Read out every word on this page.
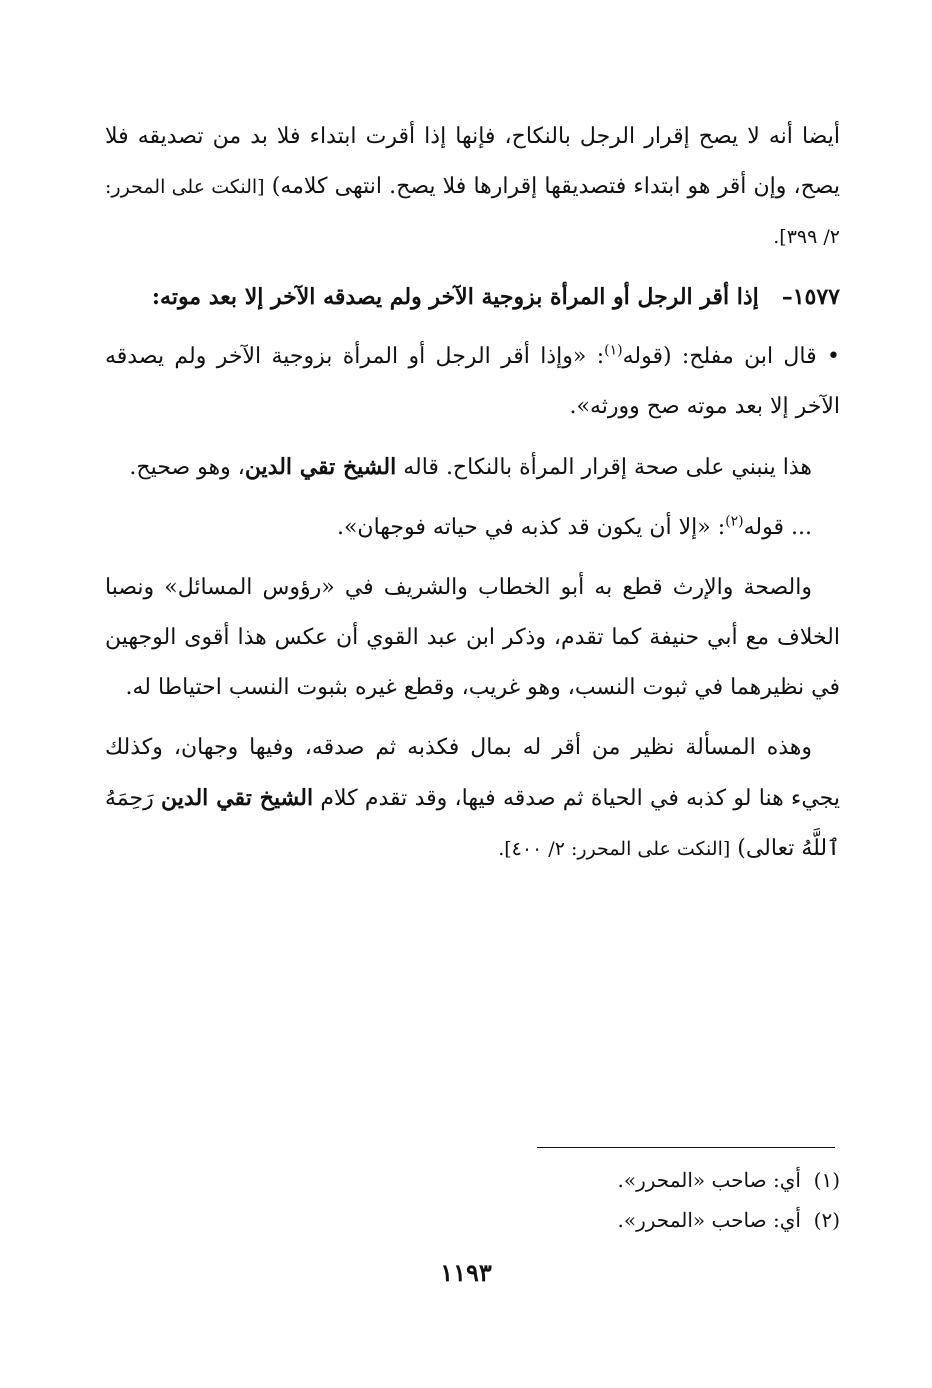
أيضا أنه لا يصح إقرار الرجل بالنكاح، فإنها إذا أقرت ابتداء فلا بد من تصديقه فلا يصح، وإن أقر هو ابتداء فتصديقها إقرارها فلا يصح. انتهى كلامه) [النكت على المحرر: ٢/ ٣٩٩].

١٥٧٧–   إذا أقر الرجل أو المرأة بزوجية الآخر ولم يصدقه الآخر إلا بعد موته:

• قال ابن مفلح: (قوله$^{(١)}$: «وإذا أقر الرجل أو المرأة بزوجية الآخر ولم يصدقه الآخر إلا بعد موته صح وورثه».

هذا ينبني على صحة إقرار المرأة بالنكاح. قاله الشيخ تقي الدين، وهو صحيح.

... قوله$^{(٢)}$: «إلا أن يكون قد كذبه في حياته فوجهان».

والصحة والإرث قطع به أبو الخطاب والشريف في «رؤوس المسائل» ونصبا الخلاف مع أبي حنيفة كما تقدم، وذكر ابن عبد القوي أن عكس هذا أقوى الوجهين في نظيرهما في ثبوت النسب، وهو غريب، وقطع غيره بثبوت النسب احتياطا له.

وهذه المسألة نظير من أقر له بمال فكذبه ثم صدقه، وفيها وجهان، وكذلك يجيء هنا لو كذبه في الحياة ثم صدقه فيها، وقد تقدم كلام الشيخ تقي الدين رَحِمَهُ ٱللَّهُ تعالى) [النكت على المحرر: ٢/ ٤٠٠].

(١)  أي: صاحب «المحرر».

(٢)  أي: صاحب «المحرر».

١١٩٣
